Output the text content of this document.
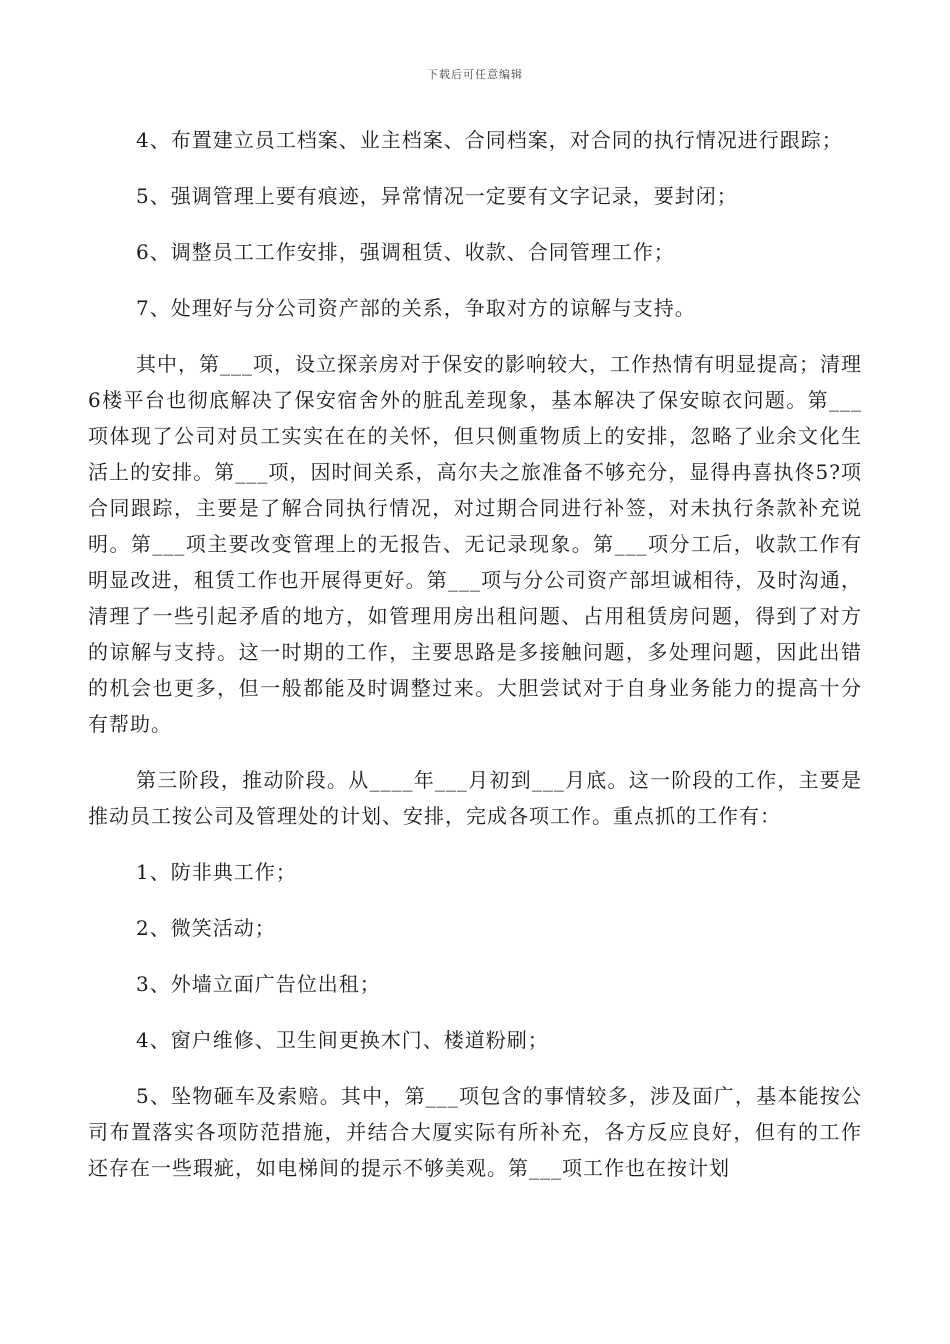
下载后可任意编辑

4、布置建立员工档案、业主档案、合同档案，对合同的执行情况进行跟踪；

5、强调管理上要有痕迹，异常情况一定要有文字记录，要封闭；

6、调整员工工作安排，强调租赁、收款、合同管理工作；

7、处理好与分公司资产部的关系，争取对方的谅解与支持。

其中，第___项，设立探亲房对于保安的影响较大，工作热情有明显提高；清理6楼平台也彻底解决了保安宿舍外的脏乱差现象，基本解决了保安晾衣问题。第___项体现了公司对员工实实在在的关怀，但只侧重物质上的安排，忽略了业余文化生活上的安排。第___项，因时间关系，高尔夫之旅准备不够充分，显得冉喜执佟5?项合同跟踪，主要是了解合同执行情况，对过期合同进行补签，对未执行条款补充说明。第___项主要改变管理上的无报告、无记录现象。第___项分工后，收款工作有明显改进，租赁工作也开展得更好。第___项与分公司资产部坦诚相待，及时沟通，清理了一些引起矛盾的地方，如管理用房出租问题、占用租赁房问题，得到了对方的谅解与支持。这一时期的工作，主要思路是多接触问题，多处理问题，因此出错的机会也更多，但一般都能及时调整过来。大胆尝试对于自身业务能力的提高十分有帮助。

第三阶段，推动阶段。从____年___月初到___月底。这一阶段的工作，主要是推动员工按公司及管理处的计划、安排，完成各项工作。重点抓的工作有：

1、防非典工作；

2、微笑活动；

3、外墙立面广告位出租；

4、窗户维修、卫生间更换木门、楼道粉刷；

5、坠物砸车及索赔。其中，第___项包含的事情较多，涉及面广，基本能按公司布置落实各项防范措施，并结合大厦实际有所补充，各方反应良好，但有的工作还存在一些瑕疵，如电梯间的提示不够美观。第___项工作也在按计划
